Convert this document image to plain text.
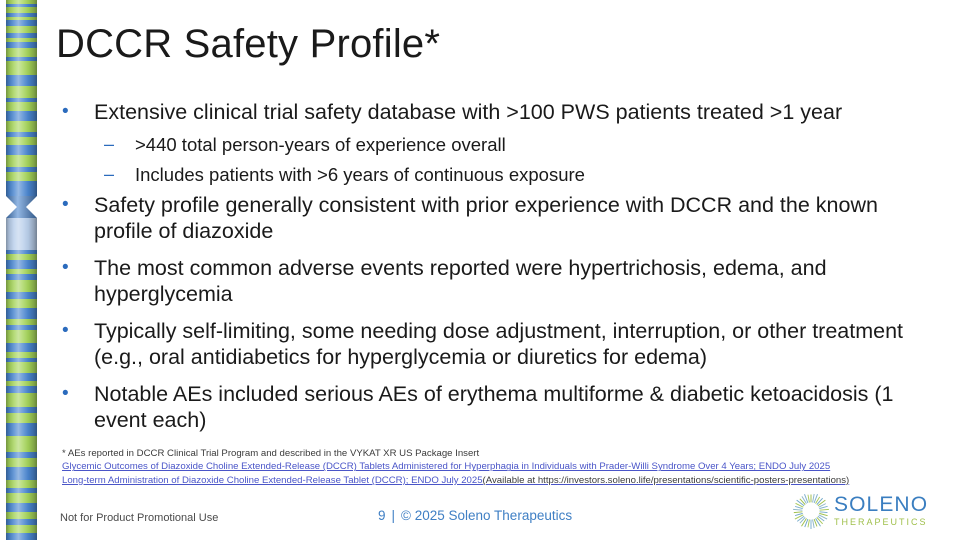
DCCR Safety Profile*
• Extensive clinical trial safety database with >100 PWS patients treated >1 year
– >440 total person-years of experience overall
– Includes patients with >6 years of continuous exposure
• Safety profile generally consistent with prior experience with DCCR and the known profile of diazoxide
• The most common adverse events reported were hypertrichosis, edema, and hyperglycemia
• Typically self-limiting, some needing dose adjustment, interruption, or other treatment (e.g., oral antidiabetics for hyperglycemia or diuretics for edema)
• Notable AEs included serious AEs of erythema multiforme & diabetic ketoacidosis (1 event each)
* AEs reported in DCCR Clinical Trial Program and described in the VYKAT XR US Package Insert
Glycemic Outcomes of Diazoxide Choline Extended-Release (DCCR) Tablets Administered for Hyperphagia in Individuals with Prader-Willi Syndrome Over 4 Years; ENDO July 2025
Long-term Administration of Diazoxide Choline Extended-Release Tablet (DCCR); ENDO July 2025(Available at https://investors.soleno.life/presentations/scientific-posters-presentations)
Not for Product Promotional Use	9 | © 2025 Soleno Therapeutics	SOLENO
THERAPEUTICS
